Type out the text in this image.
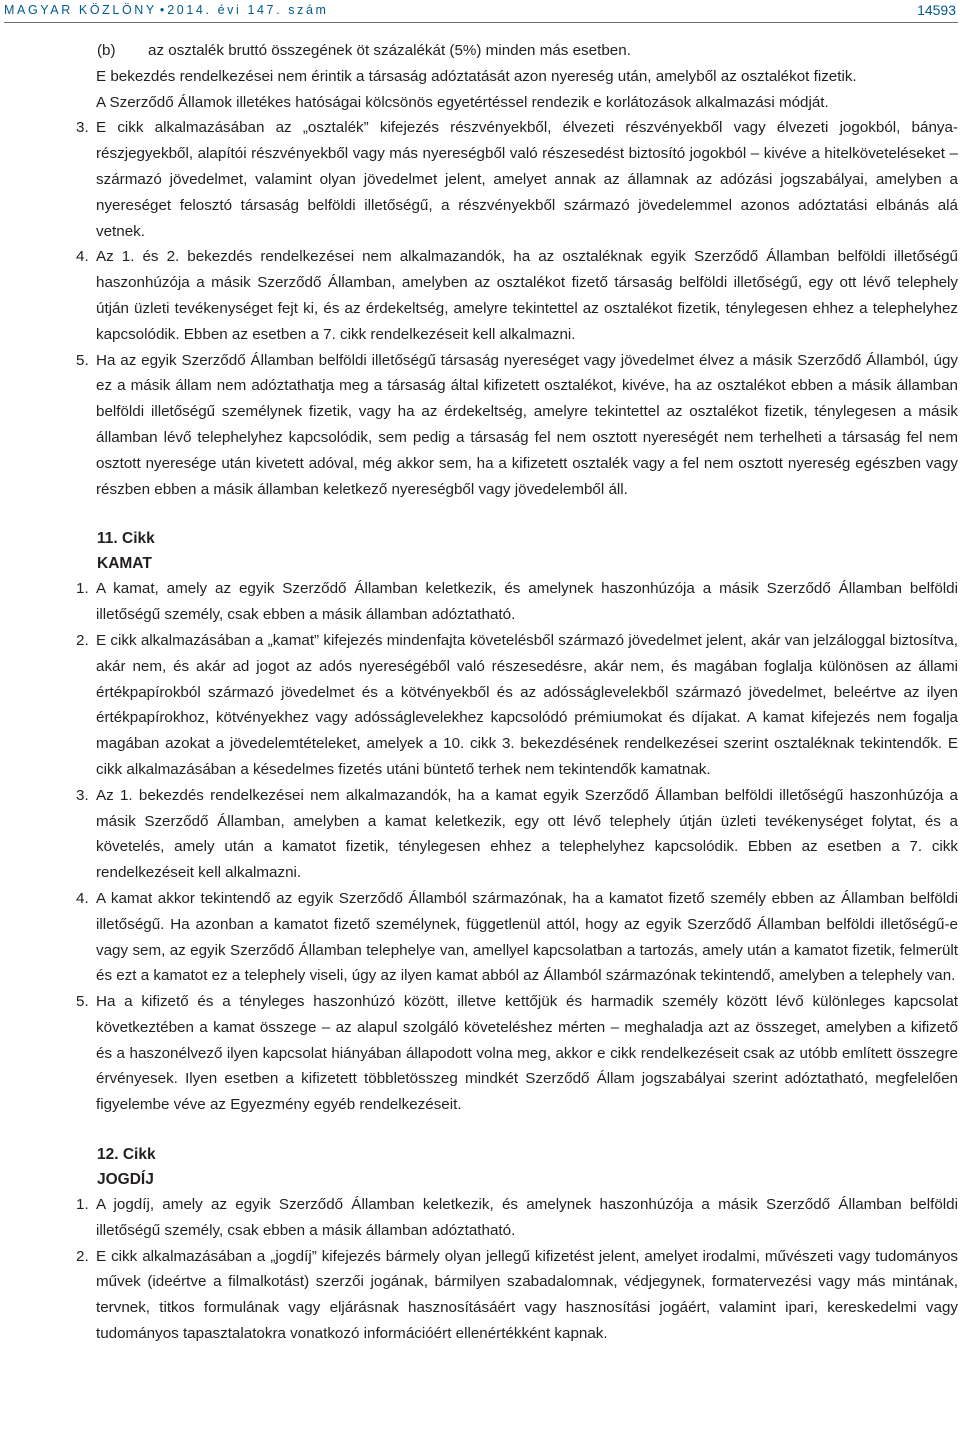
MAGYAR KÖZLÖNY • 2014. évi 147. szám	14593

(b)	az osztalék bruttó összegének öt százalékát (5%) minden más esetben.

E bekezdés rendelkezései nem érintik a társaság adóztatását azon nyereség után, amelyből az osztalékot fizetik.

A Szerződő Államok illetékes hatóságai kölcsönös egyetértéssel rendezik e korlátozások alkalmazási módját.

3. E cikk alkalmazásában az „osztalék” kifejezés részvényekből, élvezeti részvényekből vagy élvezeti jogokból, bánya-részjegyekből, alapítói részvényekből vagy más nyereségből való részesedést biztosító jogokból – kivéve a hitelköveteléseket – származó jövedelmet, valamint olyan jövedelmet jelent, amelyet annak az államnak az adózási jogszabályai, amelyben a nyereséget felosztó társaság belföldi illetőségű, a részvényekből származó jövedelemmel azonos adóztatási elbánás alá vetnek.

4. Az 1. és 2. bekezdés rendelkezései nem alkalmazandók, ha az osztaléknak egyik Szerződő Államban belföldi illetőségű haszonhúzója a másik Szerződő Államban, amelyben az osztalékot fizető társaság belföldi illetőségű, egy ott lévő telephely útján üzleti tevékenységet fejt ki, és az érdekeltség, amelyre tekintettel az osztalékot fizetik, ténylegesen ehhez a telephelyhez kapcsolódik. Ebben az esetben a 7. cikk rendelkezéseit kell alkalmazni.

5. Ha az egyik Szerződő Államban belföldi illetőségű társaság nyereséget vagy jövedelmet élvez a másik Szerződő Államból, úgy ez a másik állam nem adóztathatja meg a társaság által kifizetett osztalékot, kivéve, ha az osztalékot ebben a másik államban belföldi illetőségű személynek fizetik, vagy ha az érdekeltség, amelyre tekintettel az osztalékot fizetik, ténylegesen a másik államban lévő telephelyhez kapcsolódik, sem pedig a társaság fel nem osztott nyereségét nem terhelheti a társaság fel nem osztott nyeresége után kivetett adóval, még akkor sem, ha a kifizetett osztalék vagy a fel nem osztott nyereség egészben vagy részben ebben a másik államban keletkező nyereségből vagy jövedelemből áll.

11. Cikk

KAMAT

1. A kamat, amely az egyik Szerződő Államban keletkezik, és amelynek haszonhúzója a másik Szerződő Államban belföldi illetőségű személy, csak ebben a másik államban adóztatható.

2. E cikk alkalmazásában a „kamat” kifejezés mindenfajta követelésből származó jövedelmet jelent, akár van jelzáloggal biztosítva, akár nem, és akár ad jogot az adós nyereségéből való részesedésre, akár nem, és magában foglalja különösen az állami értékpapírokból származó jövedelmet és a kötvényekből és az adósságlevelekből származó jövedelmet, beleértve az ilyen értékpapírokhoz, kötvényekhez vagy adósságlevelekhez kapcsolódó prémiumokat és díjakat. A kamat kifejezés nem fogalja magában azokat a jövedelemtételeket, amelyek a 10. cikk 3. bekezdésének rendelkezései szerint osztaléknak tekintendők. E cikk alkalmazásában a késedelmes fizetés utáni büntető terhek nem tekintendők kamatnak.

3. Az 1. bekezdés rendelkezései nem alkalmazandók, ha a kamat egyik Szerződő Államban belföldi illetőségű haszonhúzója a másik Szerződő Államban, amelyben a kamat keletkezik, egy ott lévő telephely útján üzleti tevékenységet folytat, és a követelés, amely után a kamatot fizetik, ténylegesen ehhez a telephelyhez kapcsolódik. Ebben az esetben a 7. cikk rendelkezéseit kell alkalmazni.

4. A kamat akkor tekintendő az egyik Szerződő Államból származónak, ha a kamatot fizető személy ebben az Államban belföldi illetőségű. Ha azonban a kamatot fizető személynek, függetlenül attól, hogy az egyik Szerződő Államban belföldi illetőségű-e vagy sem, az egyik Szerződő Államban telephelye van, amellyel kapcsolatban a tartozás, amely után a kamatot fizetik, felmerült és ezt a kamatot ez a telephely viseli, úgy az ilyen kamat abból az Államból származónak tekintendő, amelyben a telephely van.

5. Ha a kifizető és a tényleges haszonhúzó között, illetve kettőjük és harmadik személy között lévő különleges kapcsolat következtében a kamat összege – az alapul szolgáló követeléshez mérten – meghaladja azt az összeget, amelyben a kifizető és a haszonélvező ilyen kapcsolat hiányában állapodott volna meg, akkor e cikk rendelkezéseit csak az utóbb említett összegre érvényesek. Ilyen esetben a kifizetett többletösszeg mindkét Szerződő Állam jogszabályai szerint adóztatható, megfelelően figyelembe véve az Egyezmény egyéb rendelkezéseit.

12. Cikk

JOGDÍJ

1. A jogdíj, amely az egyik Szerződő Államban keletkezik, és amelynek haszonhúzója a másik Szerződő Államban belföldi illetőségű személy, csak ebben a másik államban adóztatható.

2. E cikk alkalmazásában a „jogdíj” kifejezés bármely olyan jellegű kifizetést jelent, amelyet irodalmi, művészeti vagy tudományos művek (ideértve a filmalkotást) szerzői jogának, bármilyen szabadalomnak, védjegynek, formatervezési vagy más mintának, tervnek, titkos formulának vagy eljárásnak hasznosításáért vagy hasznosítási jogáért, valamint ipari, kereskedelmi vagy tudományos tapasztalatokra vonatkozó információért ellenértékként kapnak.
